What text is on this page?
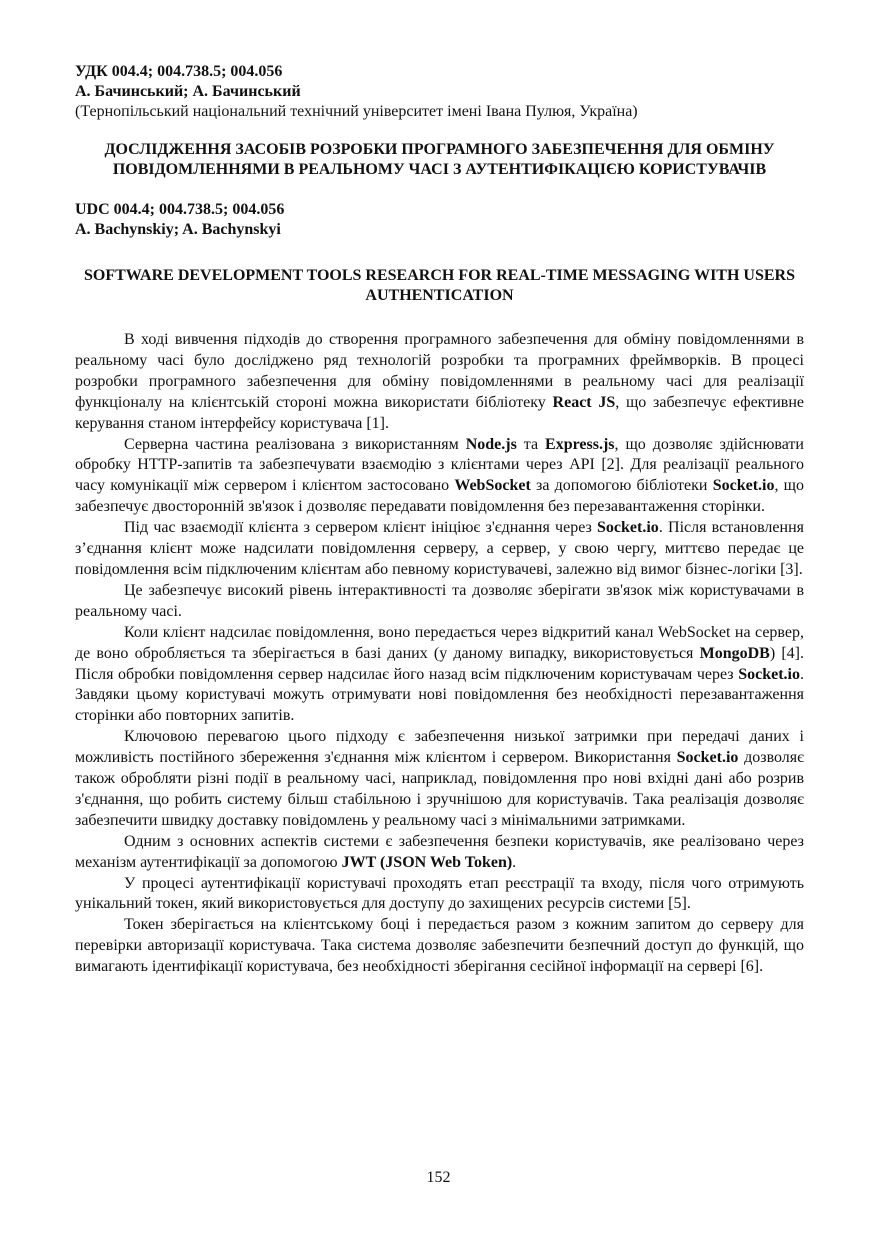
УДК 004.4; 004.738.5; 004.056

А. Бачинський; А. Бачинський

(Тернопільський національний технічний університет імені Івана Пулюя, Україна)

ДОСЛІДЖЕННЯ ЗАСОБІВ РОЗРОБКИ ПРОГРАМНОГО ЗАБЕЗПЕЧЕННЯ ДЛЯ ОБМІНУ ПОВІДОМЛЕННЯМИ В РЕАЛЬНОМУ ЧАСІ З АУТЕНТИФІКАЦІЄЮ КОРИСТУВАЧІВ

UDC 004.4; 004.738.5; 004.056

A. Bachynskiy; A. Bachynskyi

SOFTWARE DEVELOPMENT TOOLS RESEARCH FOR REAL-TIME MESSAGING WITH USERS AUTHENTICATION

В ході вивчення підходів до створення програмного забезпечення для обміну повідомленнями в реальному часі було досліджено ряд технологій розробки та програмних фреймворків. В процесі розробки програмного забезпечення для обміну повідомленнями в реальному часі для реалізації функціоналу на клієнтській стороні можна використати бібліотеку React JS, що забезпечує ефективне керування станом інтерфейсу користувача [1].

Серверна частина реалізована з використанням Node.js та Express.js, що дозволяє здійснювати обробку HTTP-запитів та забезпечувати взаємодію з клієнтами через API [2]. Для реалізації реального часу комунікації між сервером і клієнтом застосовано WebSocket за допомогою бібліотеки Socket.io, що забезпечує двосторонній зв'язок і дозволяє передавати повідомлення без перезавантаження сторінки.

Під час взаємодії клієнта з сервером клієнт ініціює з'єднання через Socket.io. Після встановлення з’єднання клієнт може надсилати повідомлення серверу, а сервер, у свою чергу, миттєво передає це повідомлення всім підключеним клієнтам або певному користувачеві, залежно від вимог бізнес-логіки [3].

Це забезпечує високий рівень інтерактивності та дозволяє зберігати зв'язок між користувачами в реальному часі.

Коли клієнт надсилає повідомлення, воно передається через відкритий канал WebSocket на сервер, де воно обробляється та зберігається в базі даних (у даному випадку, використовується MongoDB) [4]. Після обробки повідомлення сервер надсилає його назад всім підключеним користувачам через Socket.io. Завдяки цьому користувачі можуть отримувати нові повідомлення без необхідності перезавантаження сторінки або повторних запитів.

Ключовою перевагою цього підходу є забезпечення низької затримки при передачі даних і можливість постійного збереження з'єднання між клієнтом і сервером. Використання Socket.io дозволяє також обробляти різні події в реальному часі, наприклад, повідомлення про нові вхідні дані або розрив з'єднання, що робить систему більш стабільною і зручнішою для користувачів. Така реалізація дозволяє забезпечити швидку доставку повідомлень у реальному часі з мінімальними затримками.

Одним з основних аспектів системи є забезпечення безпеки користувачів, яке реалізовано через механізм аутентифікації за допомогою JWT (JSON Web Token).

У процесі аутентифікації користувачі проходять етап реєстрації та входу, після чого отримують унікальний токен, який використовується для доступу до захищених ресурсів системи [5].

Токен зберігається на клієнтському боці і передається разом з кожним запитом до серверу для перевірки авторизації користувача. Така система дозволяє забезпечити безпечний доступ до функцій, що вимагають ідентифікації користувача, без необхідності зберігання сесійної інформації на сервері [6].

152
